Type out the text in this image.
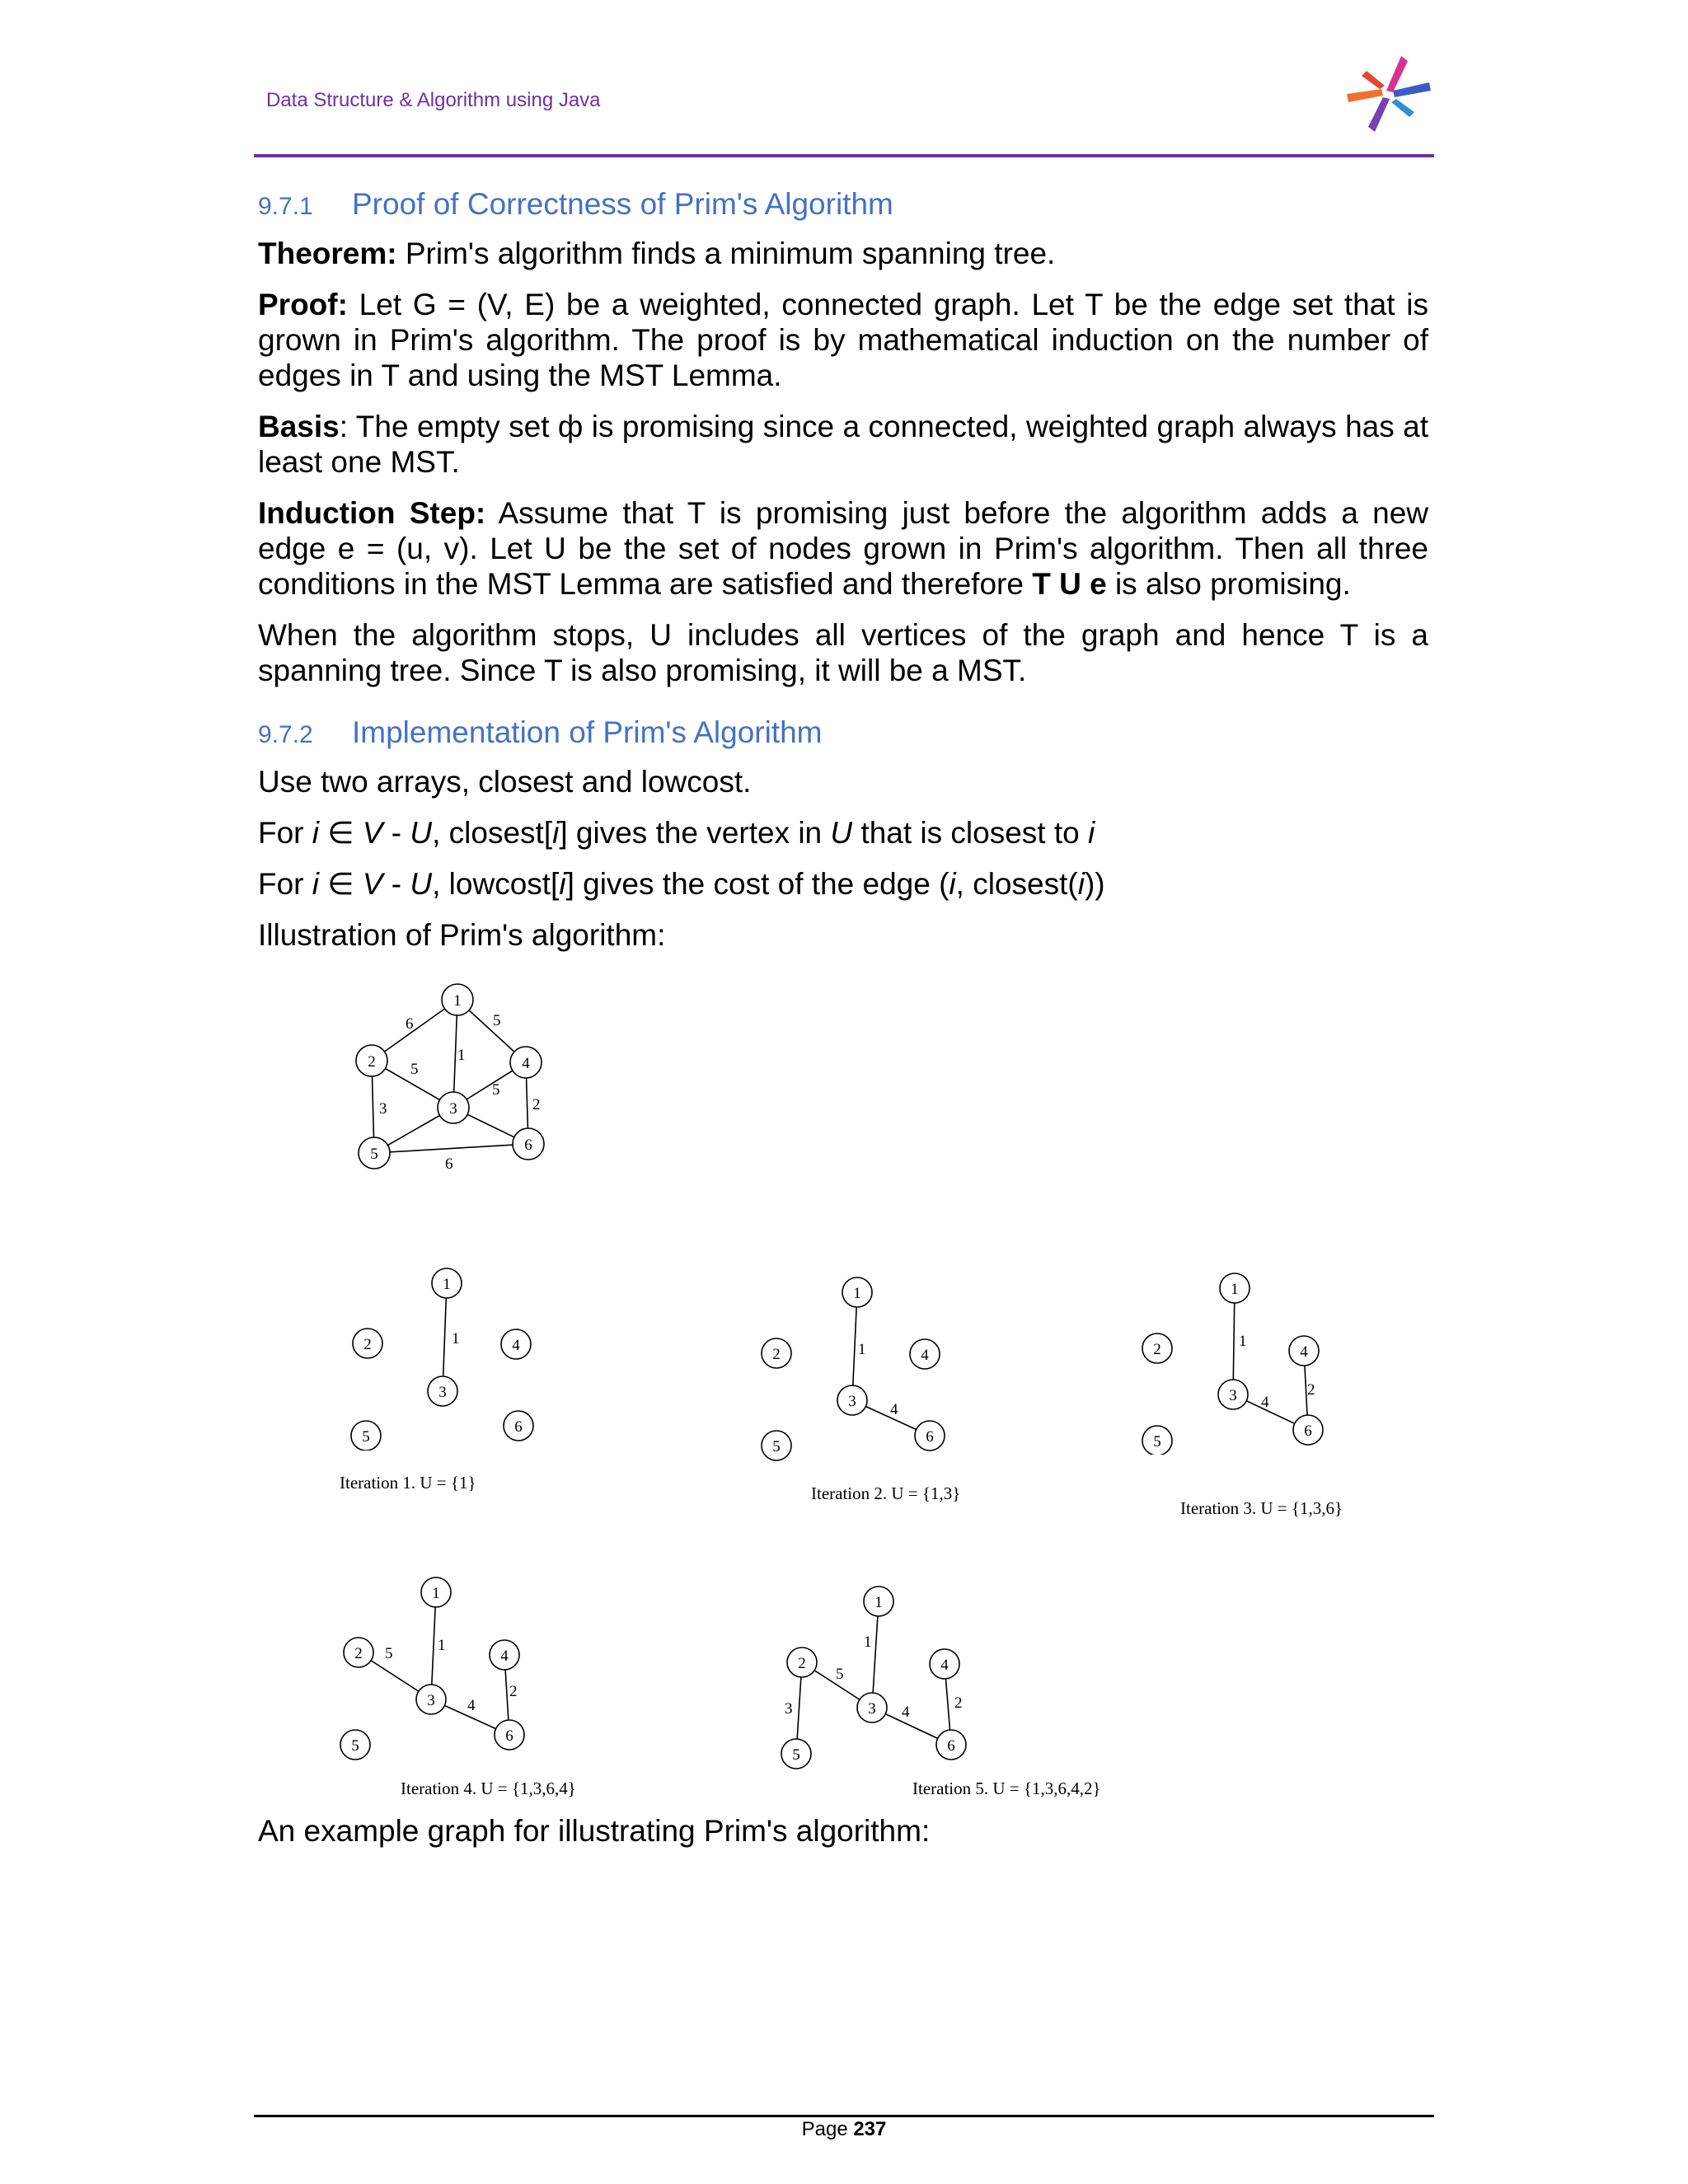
Data Structure & Algorithm using Java
9.7.1	Proof of Correctness of Prim's Algorithm

Theorem: Prim's algorithm finds a minimum spanning tree.

Proof: Let G = (V, E) be a weighted, connected graph. Let T be the edge set that is grown in Prim's algorithm. The proof is by mathematical induction on the number of edges in T and using the MST Lemma.

Basis: The empty set ф is promising since a connected, weighted graph always has at least one MST.

Induction Step: Assume that T is promising just before the algorithm adds a new edge e = (u, v). Let U be the set of nodes grown in Prim's algorithm. Then all three conditions in the MST Lemma are satisfied and therefore T U e is also promising.

When the algorithm stops, U includes all vertices of the graph and hence T is a spanning tree. Since T is also promising, it will be a MST.

9.7.2	Implementation of Prim's Algorithm

Use two arrays, closest and lowcost.

For i ∈ V - U, closest[i] gives the vertex in U that is closest to i

For i ∈ V - U, lowcost[i] gives the cost of the edge (i, closest(i))

Illustration of Prim's algorithm:

1
2
3
4
5
6
6	5
1
5
5
3	2
6
1
2
3
4
5
6
1
Iteration 1. U = {1}
1
2
3
4
5
6
1
4
Iteration 2. U = {1,3}
1
2
3
4
5
6
1
4
2
Iteration 3. U = {1,3,6}
1
2
3
4
5
6
5	1
4
2
Iteration 4. U = {1,3,6,4}
1
2
3
4
5
6
1
5
3	4
2
Iteration 5. U = {1,3,6,4,2}
An example graph for illustrating Prim's algorithm:
Page 237
